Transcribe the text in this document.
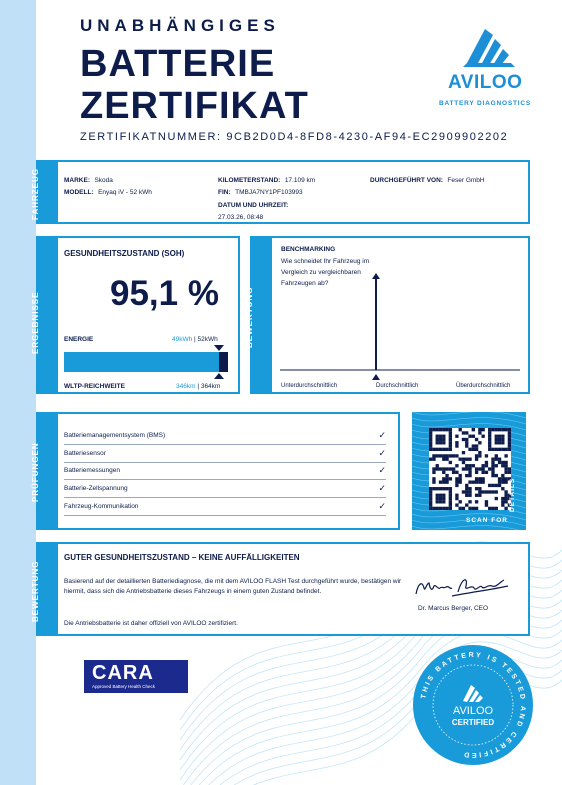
UNABHÄNGIGES
BATTERIE
ZERTIFIKAT
ZERTIFIKATNUMMER: 9CB2D0D4-8FD8-4230-AF94-EC2909902202
AVILOO
BATTERY DIAGNOSTICS
FAHRZEUG	MARKE: Skoda
MODELL: Enyaq iV - 52 kWh
KILOMETERSTAND: 17.109 km
FIN: TMBJA7NY1PF103993
DATUM UND UHRZEIT:
27.03.26, 08:48
DURCHGEFÜHRT VON: Feser GmbH
ERGEBNISSE
GESUNDHEITSZUSTAND (SOH)
95,1 %
ENERGIE	49kWh | 52kWh
WLTP-REICHWEITE	346km | 364km
BEWERTUNG
BENCHMARKING
Wie schneidet Ihr Fahrzeug im Vergleich zu vergleichbaren Fahrzeugen ab?
Unterdurchschnittlich	Durchschnittlich	Überdurchschnittlich
PRÜFUNGEN
Batteriemanagementsystem (BMS)	✓
Batteriesensor	✓
Batteriemessungen	✓
Batterie-Zellspannung	✓
Fahrzeug-Kommunikation	✓
SCAN FOR
DETAILS
BEWERTUNG
GUTER GESUNDHEITSZUSTAND – KEINE AUFFÄLLIGKEITEN
Basierend auf der detaillierten Batteriediagnose, die mit dem AVILOO FLASH Test durchgeführt wurde, bestätigen wir hiermit, dass sich die Antriebsbatterie dieses Fahrzeugs in einem guten Zustand befindet.
Die Antriebsbatterie ist daher offiziell von AVILOO zertifiziert.
Dr. Marcus Berger, CEO
CARA
Approved Battery Health Check
THIS BATTERY IS TESTED AND CERTIFIED
AVILOO
CERTIFIED
